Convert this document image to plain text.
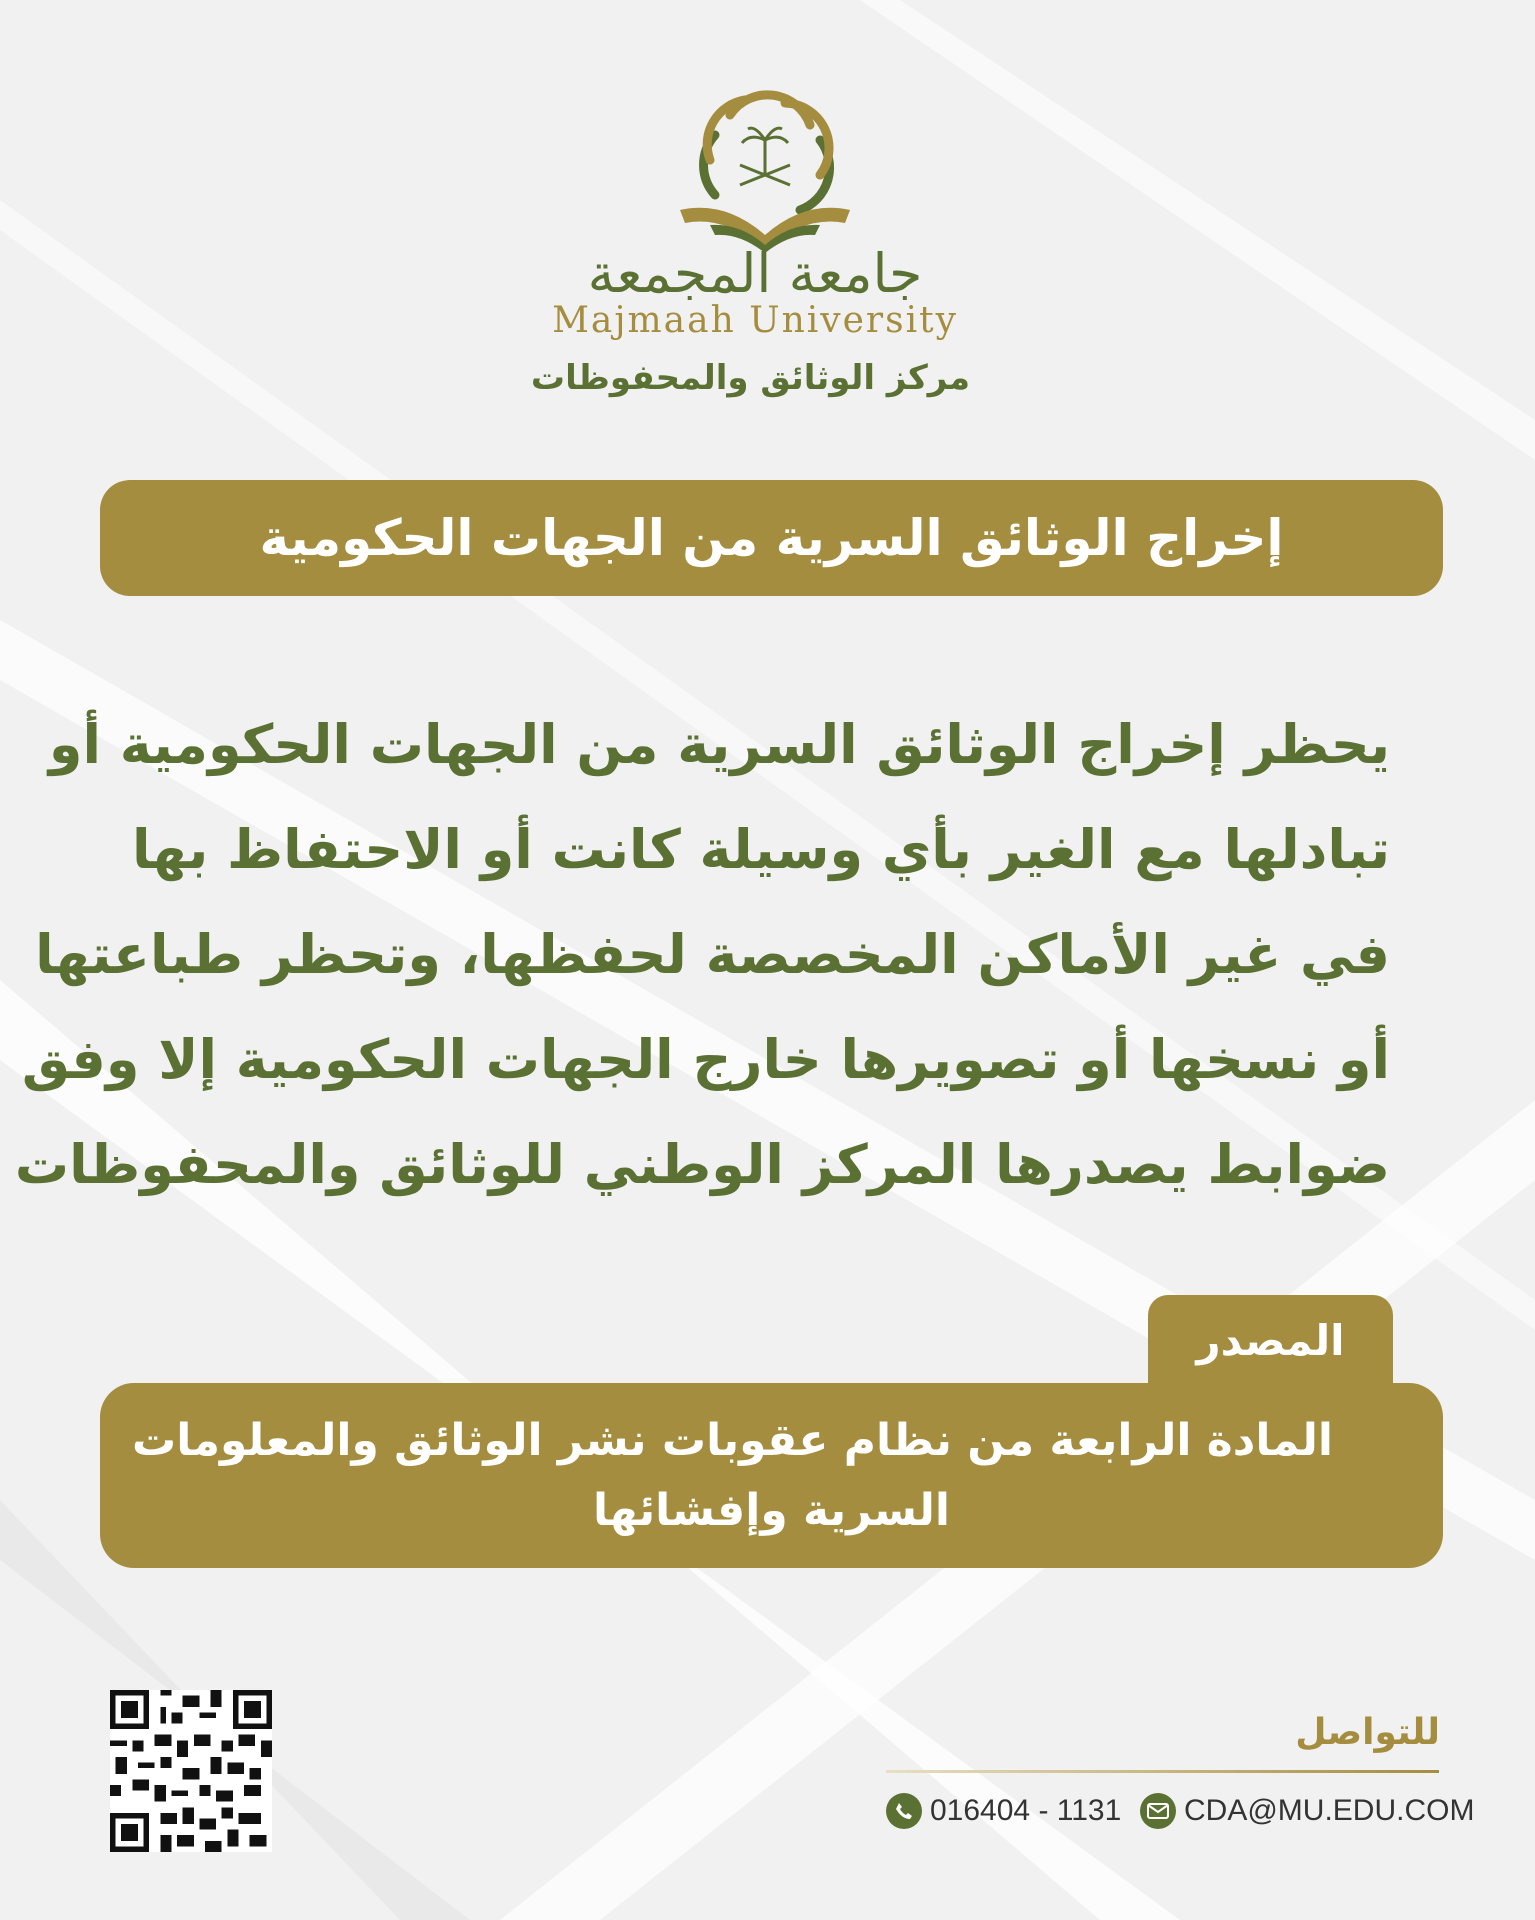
جامعة المجمعة
Majmaah University
مركز الوثائق والمحفوظات
إخراج الوثائق السرية من الجهات الحكومية
يحظر إخراج الوثائق السرية من الجهات الحكومية أو
تبادلها مع الغير بأي وسيلة كانت أو الاحتفاظ بها
في غير الأماكن المخصصة لحفظها، وتحظر طباعتها
أو نسخها أو تصويرها خارج الجهات الحكومية إلا وفق
ضوابط يصدرها المركز الوطني للوثائق والمحفوظات
المصدر
المادة الرابعة من نظام عقوبات نشر الوثائق والمعلومات
السرية وإفشائها
للتواصل
CDA@MU.EDU.COM
016404 - 1131
